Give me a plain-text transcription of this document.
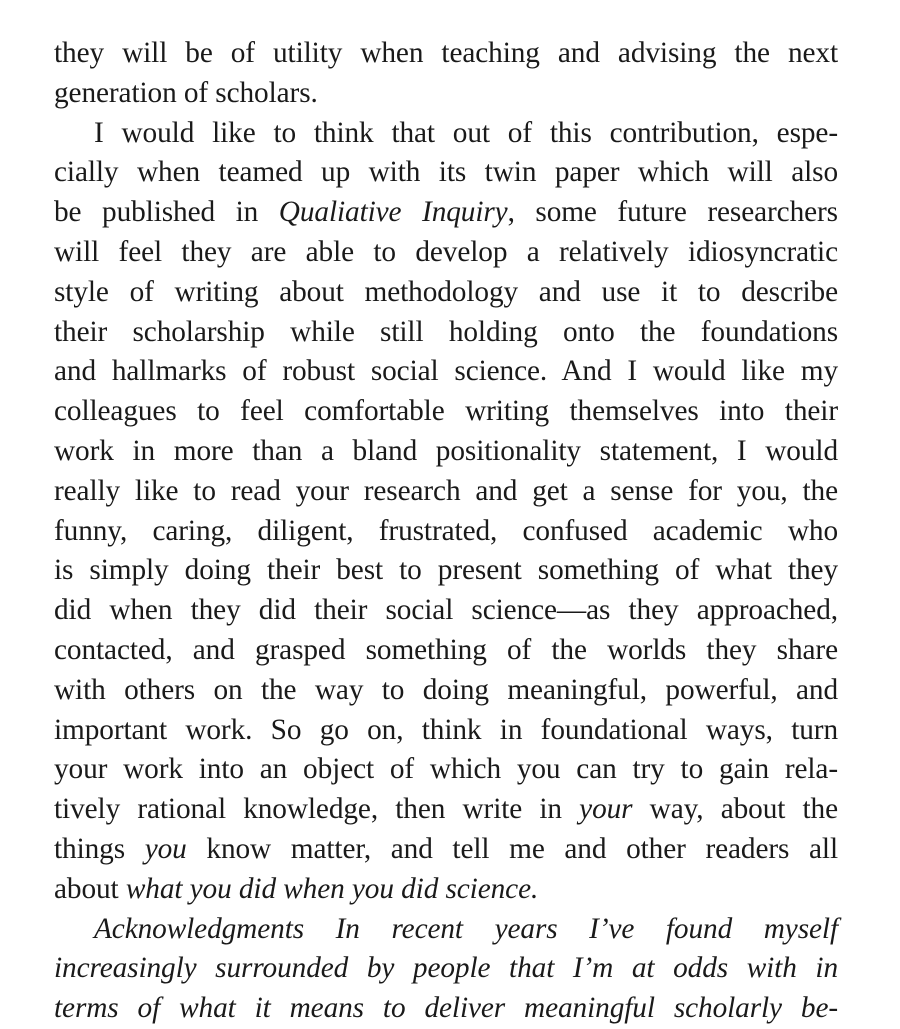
they will be of utility when teaching and advising the next
generation of scholars.
I would like to think that out of this contribution, espe-
cially when teamed up with its twin paper which will also
be published in Qualiative Inquiry, some future researchers
will feel they are able to develop a relatively idiosyncratic
style of writing about methodology and use it to describe
their scholarship while still holding onto the foundations
and hallmarks of robust social science. And I would like my
colleagues to feel comfortable writing themselves into their
work in more than a bland positionality statement, I would
really like to read your research and get a sense for you, the
funny, caring, diligent, frustrated, confused academic who
is simply doing their best to present something of what they
did when they did their social science—as they approached,
contacted, and grasped something of the worlds they share
with others on the way to doing meaningful, powerful, and
important work. So go on, think in foundational ways, turn
your work into an object of which you can try to gain rela-
tively rational knowledge, then write in your way, about the
things you know matter, and tell me and other readers all
about what you did when you did science.
Acknowledgments In recent years I’ve found myself
increasingly surrounded by people that I’m at odds with in
terms of what it means to deliver meaningful scholarly be-
